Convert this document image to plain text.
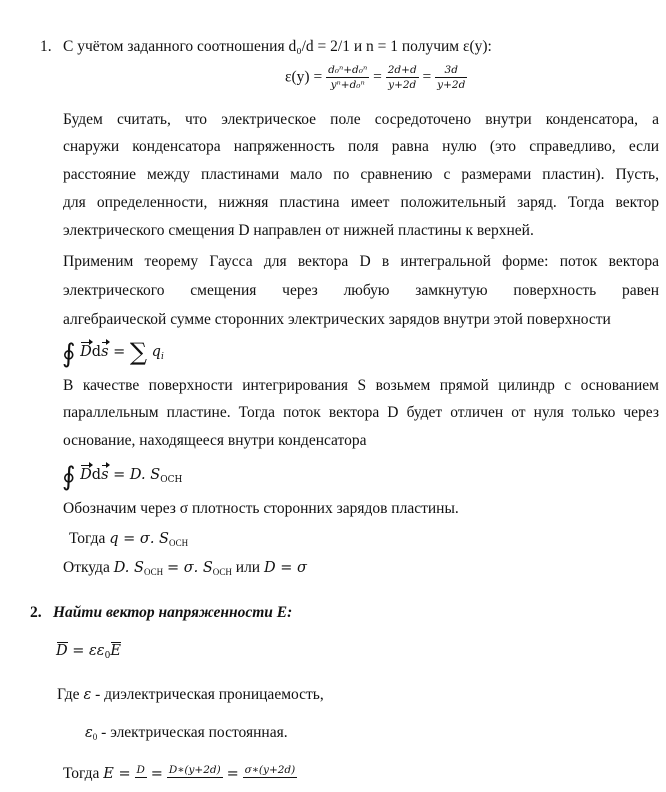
1. С учётом заданного соотношения d₀/d = 2/1 и n = 1 получим ε(y):
$\varepsilon(y) = \frac{\text{d₀ⁿ+d₀ⁿ}}{\text{yⁿ+d₀ⁿ}} = \frac{2d+d}{y+2d} = \frac{3d}{y+2d}$
Будем считать, что электрическое поле сосредоточено внутри конденсатора, а
снаружи конденсатора напряженность поля равна нулю (это справедливо, если
расстояние между пластинами мало по сравнению с размерами пластин). Пусть,
для определенности, нижняя пластина имеет положительный заряд. Тогда вектор
электрического смещения D направлен от нижней пластины к верхней.
Применим теорему Гаусса для вектора D в интегральной форме: поток вектора
электрического смещения через любую замкнутую поверхность равен
алгебраической сумме сторонних электрических зарядов внутри этой поверхности
∮ Dds = ∑ $q_i$
В качестве поверхности интегрирования S возьмем прямой цилиндр с основанием
параллельным пластине. Тогда поток вектора D будет отличен от нуля только через
основание, находящееся внутри конденсатора
∮ Dds = D. $S_{ОСН}$
Обозначим через σ плотность сторонних зарядов пластины.
Тогда q = σ. $S_{ОСН}$
Откуда D. $S_{ОСН} = \sigma$. $S_{ОСН}$ или D = σ
2. Найти вектор напряженности E:
$D = \varepsilon\varepsilon_0E$
Где ε - диэлектрическая проницаемость,
$\varepsilon_0$ - электрическая постоянная.
Тогда E = D
= D∗(y+2d)
= σ∗(y+2d)
